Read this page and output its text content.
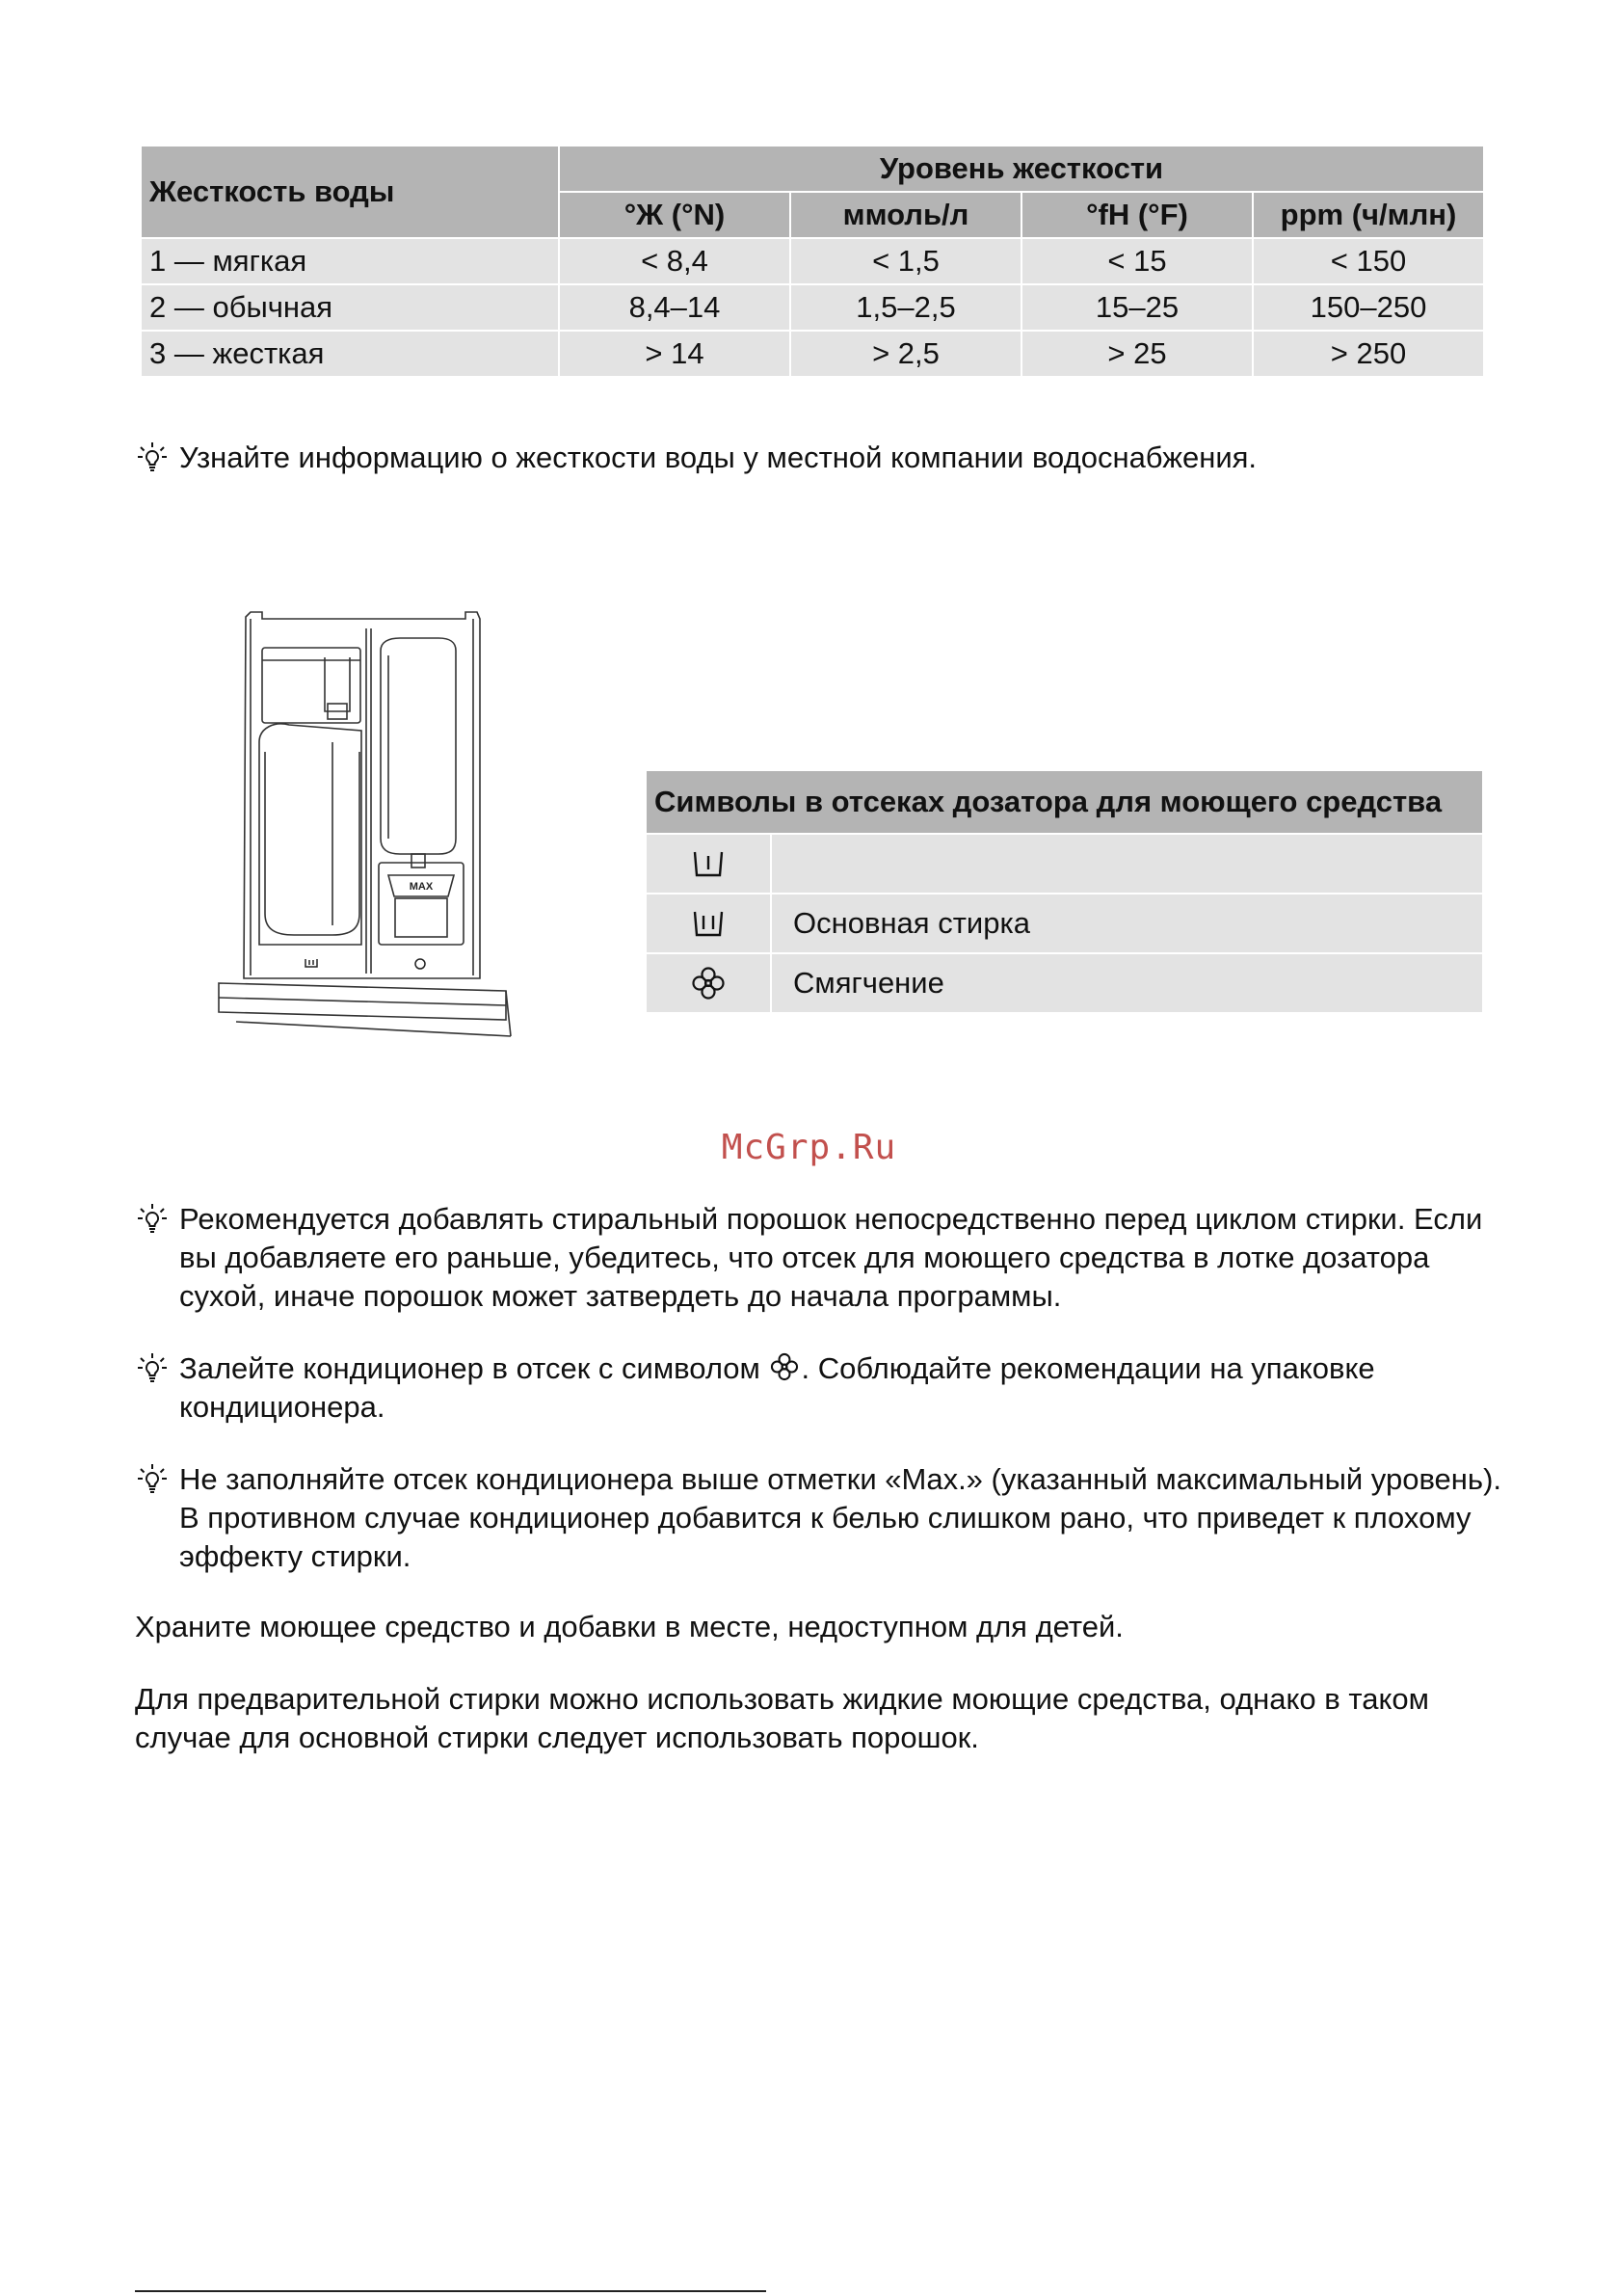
Жесткость воды	Уровень жесткости			
	°Ж (°N)	ммоль/л	°fH (°F)	ppm (ч/млн)
1 — мягкая	< 8,4	< 1,5	< 15	< 150
2 — обычная	8,4–14	1,5–2,5	15–25	150–250
3 — жесткая	> 14	> 2,5	> 25	> 250
Узнайте информацию о жесткости воды у местной компании водоснабжения.
MAX
Символы в отсеках дозатора для моющего средства	

	Основная стирка

	Смягчение
McGrp.Ru
Рекомендуется добавлять стиральный порошок непосредственно перед циклом стирки. Если вы добавляете его раньше, убедитесь, что отсек для моющего средства в лотке дозатора сухой, иначе порошок может затвердеть до начала программы.
Залейте кондиционер в отсек с символом . Соблюдайте рекомендации на упаковке кондиционера.
Не заполняйте отсек кондиционера выше отметки «Max.» (указанный максимальный уровень). В противном случае кондиционер добавится к белью слишком рано, что приведет к плохому эффекту стирки.
Храните моющее средство и добавки в месте, недоступном для детей.
Для предварительной стирки можно использовать жидкие моющие средства, однако в таком случае для основной стирки следует использовать порошок.
